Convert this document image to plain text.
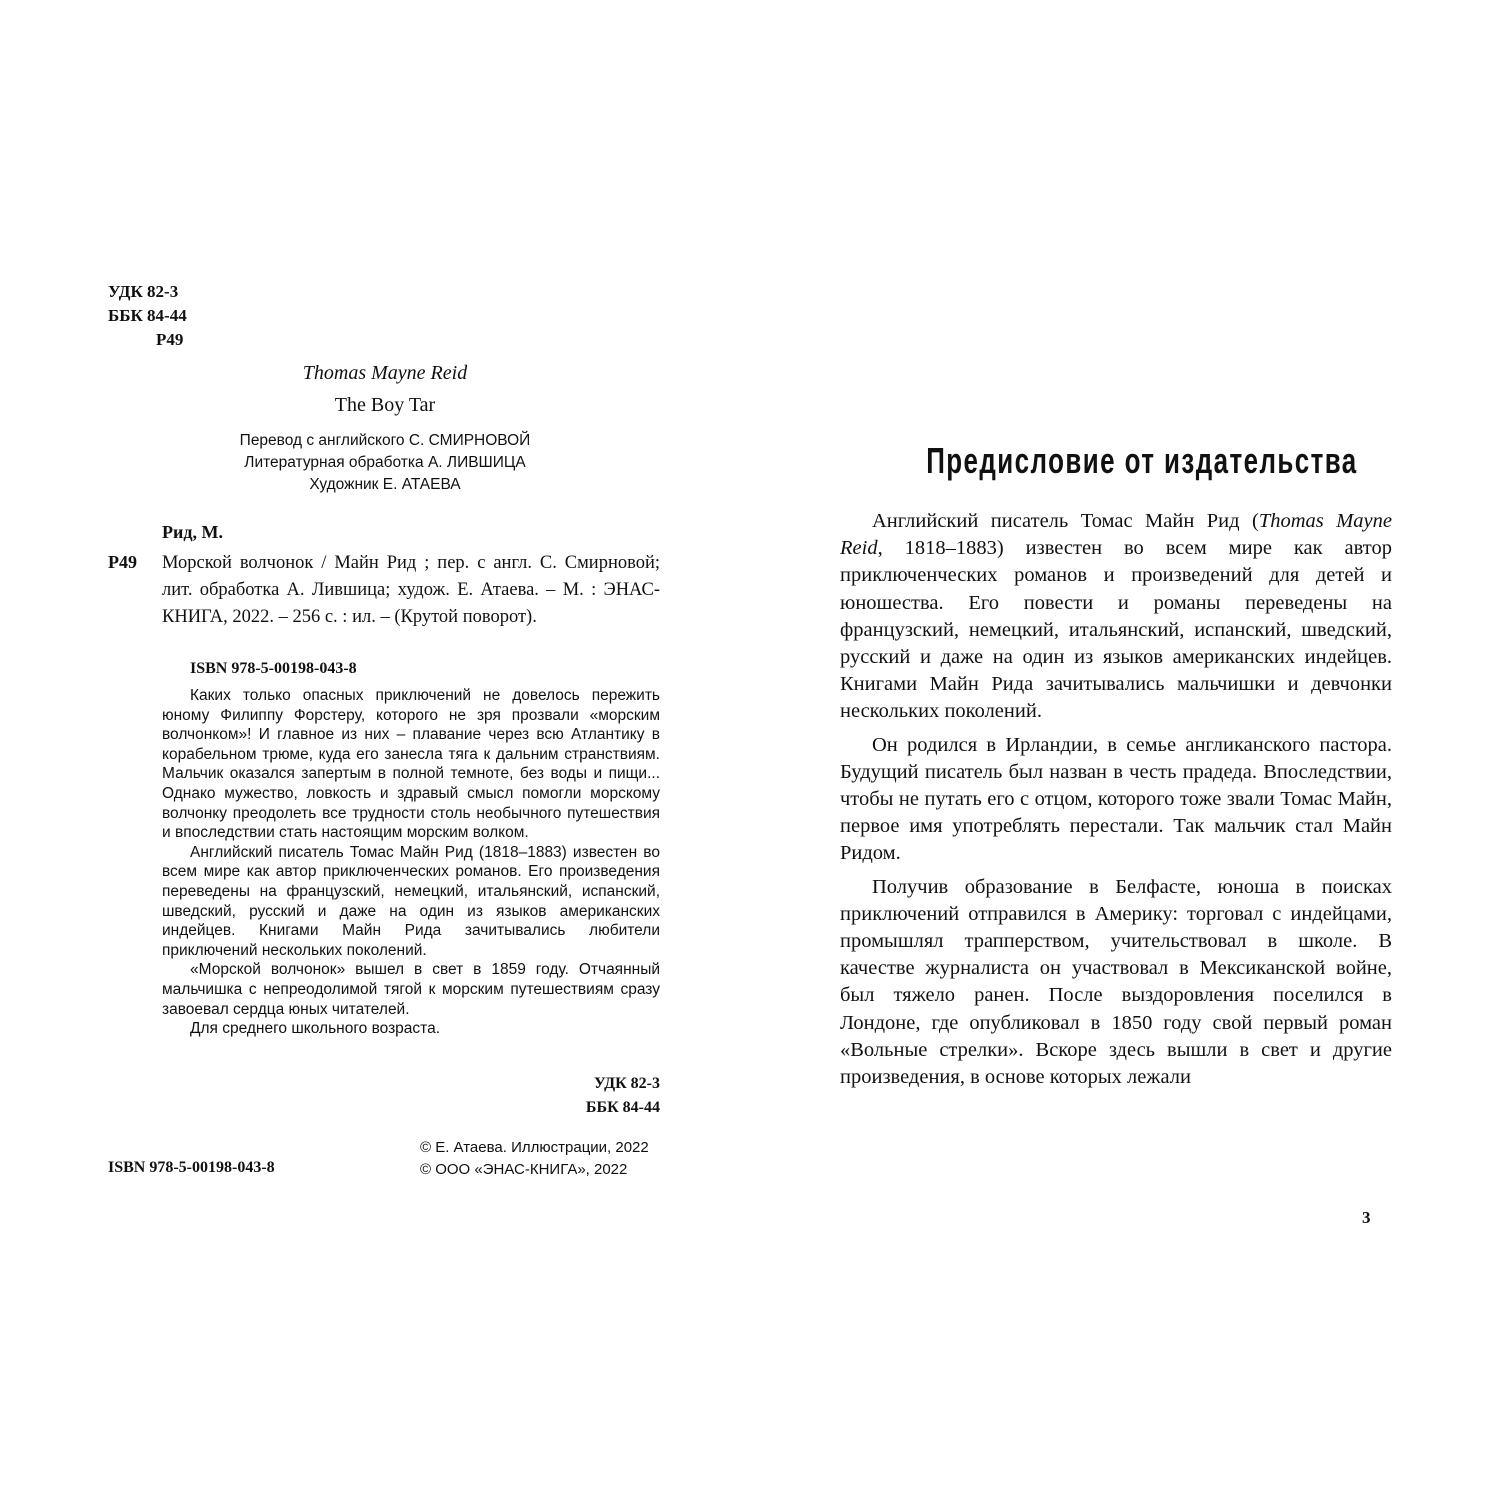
УДК 82-3
ББК 84-44
Р49
Thomas Mayne Reid
The Boy Tar
Перевод с английского С. СМИРНОВОЙ
Литературная обработка А. ЛИВШИЦА
Художник Е. АТАЕВА
Рид, М.
Р49 Морской волчонок / Майн Рид ; пер. с англ. С. Смирновой; лит. обработка А. Лившица; худож. Е. Атаева. – М. : ЭНАС-КНИГА, 2022. – 256 с. : ил. – (Крутой поворот).
ISBN 978-5-00198-043-8

Каких только опасных приключений не довелось пережить юному Филиппу Форстеру, которого не зря прозвали «морским волчонком»! И главное из них – плавание через всю Атлантику в корабельном трюме, куда его занесла тяга к дальним странствиям. Мальчик оказался запертым в полной темноте, без воды и пищи... Однако мужество, ловкость и здравый смысл помогли морскому волчонку преодолеть все трудности столь необычного путешествия и впоследствии стать настоящим морским волком.

Английский писатель Томас Майн Рид (1818–1883) известен во всем мире как автор приключенческих романов. Его произведения переведены на французский, немецкий, итальянский, испанский, шведский, русский и даже на один из языков американских индейцев. Книгами Майн Рида зачитывались любители приключений нескольких поколений.

«Морской волчонок» вышел в свет в 1859 году. Отчаянный мальчишка с непреодолимой тягой к морским путешествиям сразу завоевал сердца юных читателей.

Для среднего школьного возраста.

УДК 82-3
ББК 84-44
© Е. Атаева. Иллюстрации, 2022
© ООО «ЭНАС-КНИГА», 2022
ISBN 978-5-00198-043-8
Предисловие от издательства

Английский писатель Томас Майн Рид (Thomas Mayne Reid, 1818–1883) известен во всем мире как автор приключенческих романов и произведений для детей и юношества. Его повести и романы переведены на французский, немецкий, итальянский, испанский, шведский, русский и даже на один из языков американских индейцев. Книгами Майн Рида зачитывались мальчишки и девчонки нескольких поколений.

Он родился в Ирландии, в семье англиканского пастора. Будущий писатель был назван в честь прадеда. Впоследствии, чтобы не путать его с отцом, которого тоже звали Томас Майн, первое имя употреблять перестали. Так мальчик стал Майн Ридом.

Получив образование в Белфасте, юноша в поисках приключений отправился в Америку: торговал с индейцами, промышлял трапперством, учительствовал в школе. В качестве журналиста он участвовал в Мексиканской войне, был тяжело ранен. После выздоровления поселился в Лондоне, где опубликовал в 1850 году свой первый роман «Вольные стрелки». Вскоре здесь вышли в свет и другие произведения, в основе которых лежали

3
